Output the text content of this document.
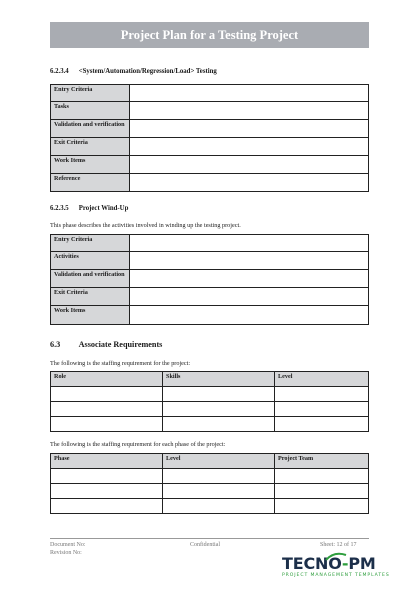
Project Plan for a Testing Project
6.2.3.4 <System/Automation/Regression/Load> Testing
Entry Criteria	
Tasks	
Validation and verification	
Exit Criteria	
Work Items	
Reference	
6.2.3.5 Project Wind-Up
This phase describes the activities involved in winding up the testing project.
Entry Criteria	
Activities	
Validation and verification	
Exit Criteria	
Work Items	
6.3 Associate Requirements
The following is the staffing requirement for the project:
Role	Skills	Level

The following is the staffing requirement for each phase of the project:
Phase	Level	Project Team

Document No:
Revision No:
Confidential	Sheet: 12 of 17
TECNO-PM
PROJECT MANAGEMENT TEMPLATES
